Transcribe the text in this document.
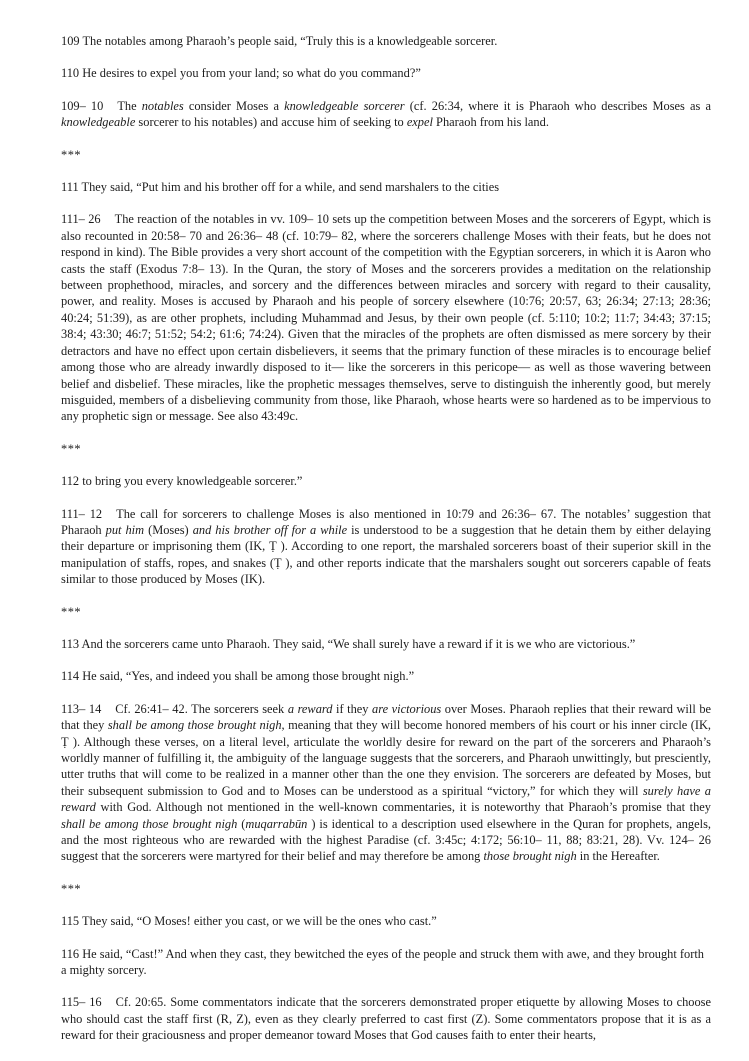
109 The notables among Pharaoh’s people said, “Truly this is a knowledgeable sorcerer.

110 He desires to expel you from your land; so what do you command?”

109– 10 The notables consider Moses a knowledgeable sorcerer (cf. 26:34, where it is Pharaoh who describes Moses as a knowledgeable sorcerer to his notables) and accuse him of seeking to expel Pharaoh from his land.

***

111 They said, “Put him and his brother off for a while, and send marshalers to the cities

111– 26 The reaction of the notables in vv. 109– 10 sets up the competition between Moses and the sorcerers of Egypt, which is also recounted in 20:58– 70 and 26:36– 48 (cf. 10:79– 82, where the sorcerers challenge Moses with their feats, but he does not respond in kind). The Bible provides a very short account of the competition with the Egyptian sorcerers, in which it is Aaron who casts the staff (Exodus 7:8– 13). In the Quran, the story of Moses and the sorcerers provides a meditation on the relationship between prophethood, miracles, and sorcery and the differences between miracles and sorcery with regard to their causality, power, and reality. Moses is accused by Pharaoh and his people of sorcery elsewhere (10:76; 20:57, 63; 26:34; 27:13; 28:36; 40:24; 51:39), as are other prophets, including Muhammad and Jesus, by their own people (cf. 5:110; 10:2; 11:7; 34:43; 37:15; 38:4; 43:30; 46:7; 51:52; 54:2; 61:6; 74:24). Given that the miracles of the prophets are often dismissed as mere sorcery by their detractors and have no effect upon certain disbelievers, it seems that the primary function of these miracles is to encourage belief among those who are already inwardly disposed to it— like the sorcerers in this pericope— as well as those wavering between belief and disbelief. These miracles, like the prophetic messages themselves, serve to distinguish the inherently good, but merely misguided, members of a disbelieving community from those, like Pharaoh, whose hearts were so hardened as to be impervious to any prophetic sign or message. See also 43:49c.

***

112 to bring you every knowledgeable sorcerer.”

111– 12 The call for sorcerers to challenge Moses is also mentioned in 10:79 and 26:36– 67. The notables’ suggestion that Pharaoh put him (Moses) and his brother off for a while is understood to be a suggestion that he detain them by either delaying their departure or imprisoning them (IK, Ṭ ). According to one report, the marshaled sorcerers boast of their superior skill in the manipulation of staffs, ropes, and snakes (Ṭ ), and other reports indicate that the marshalers sought out sorcerers capable of feats similar to those produced by Moses (IK).

***

113 And the sorcerers came unto Pharaoh. They said, “We shall surely have a reward if it is we who are victorious.”

114 He said, “Yes, and indeed you shall be among those brought nigh.”

113– 14 Cf. 26:41– 42. The sorcerers seek a reward if they are victorious over Moses. Pharaoh replies that their reward will be that they shall be among those brought nigh, meaning that they will become honored members of his court or his inner circle (IK, Ṭ ). Although these verses, on a literal level, articulate the worldly desire for reward on the part of the sorcerers and Pharaoh’s worldly manner of fulfilling it, the ambiguity of the language suggests that the sorcerers, and Pharaoh unwittingly, but presciently, utter truths that will come to be realized in a manner other than the one they envision. The sorcerers are defeated by Moses, but their subsequent submission to God and to Moses can be understood as a spiritual “victory,” for which they will surely have a reward with God. Although not mentioned in the well-known commentaries, it is noteworthy that Pharaoh’s promise that they shall be among those brought nigh (muqarrabūn ) is identical to a description used elsewhere in the Quran for prophets, angels, and the most righteous who are rewarded with the highest Paradise (cf. 3:45c; 4:172; 56:10– 11, 88; 83:21, 28). Vv. 124– 26 suggest that the sorcerers were martyred for their belief and may therefore be among those brought nigh in the Hereafter.

***

115 They said, “O Moses! either you cast, or we will be the ones who cast.”

116 He said, “Cast!” And when they cast, they bewitched the eyes of the people and struck them with awe, and they brought forth a mighty sorcery.

115– 16 Cf. 20:65. Some commentators indicate that the sorcerers demonstrated proper etiquette by allowing Moses to choose who should cast the staff first (R, Z), even as they clearly preferred to cast first (Z). Some commentators propose that it is as a reward for their graciousness and proper demeanor toward Moses that God causes faith to enter their hearts,
